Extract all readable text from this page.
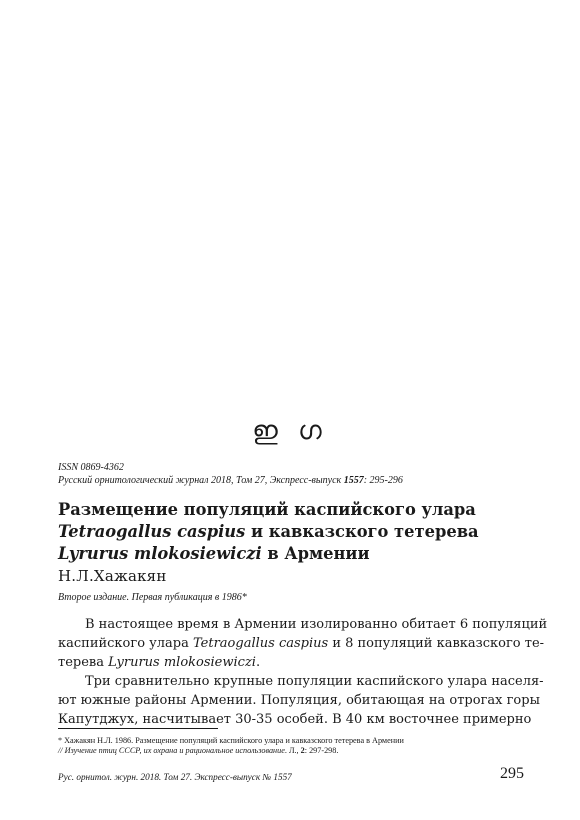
ഇ ഗ
ISSN 0869-4362
Русский орнитологический журнал 2018, Том 27, Экспресс-выпуск 1557: 295-296
Размещение популяций каспийского улара
Tetraogallus caspius и кавказского тетерева
Lyrurus mlokosiewiczi в Армении
Н.Л.Хажакян
Второе издание. Первая публикация в 1986*
В настоящее время в Армении изолированно обитает 6 популяций
каспийского улара Tetraogallus caspius и 8 популяций кавказского те-
терева Lyrurus mlokosiewiczi.
Три сравнительно крупные популяции каспийского улара населя-
ют южные районы Армении. Популяция, обитающая на отрогах горы
Капутджух, насчитывает 30-35 особей. В 40 км восточнее примерно
* Хажакян Н.Л. 1986. Размещение популяций каспийского улара и кавказского тетерева в Армении
// Изучение птиц СССР, их охрана и рациональное использование. Л., 2: 297-298.
Рус. орнитол. журн. 2018. Том 27. Экспресс-выпуск № 1557	295
